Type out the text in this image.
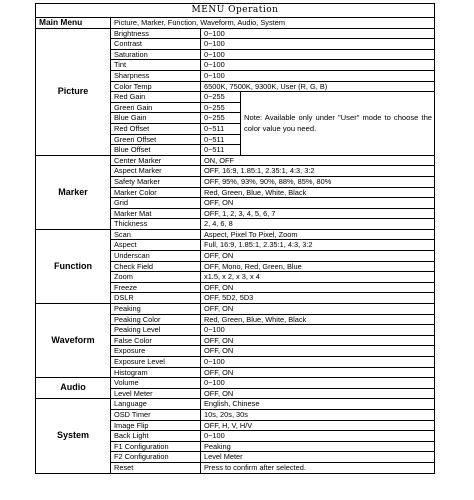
MENU Operation			
Main Menu	Picture, Marker, Function, Waveform, Audio, System		
Picture	Brightness	0~100	
	Contrast	0~100	
	Saturation	0~100	
	Tint	0~100	
	Sharpness	0~100	
	Color Temp	6500K, 7500K, 9300K, User (R, G, B)	
	Red Gain	0~255	Note: Available only under "User" mode to choose the color value you need.
	Green Gain	0~255	
	Blue Gain	0~255	
	Red Offset	0~511	
	Green Offset	0~511	
	Blue Offset	0~511	
Marker	Center Marker	ON, OFF	
	Aspect Marker	OFF, 16:9, 1.85:1, 2.35:1, 4:3, 3:2	
	Safety Marker	OFF, 95%, 93%, 90%, 88%, 85%, 80%	
	Marker Color	Red, Green, Blue, White, Black	
	Grid	OFF, ON	
	Marker Mat	OFF, 1, 2, 3, 4, 5, 6, 7	
	Thickness	2, 4, 6, 8	
Function	Scan	Aspect, Pixel To Pixel, Zoom	
	Aspect	Full, 16:9, 1.85:1, 2.35:1, 4:3, 3:2	
	Underscan	OFF, ON	
	Check Field	OFF, Mono, Red, Green, Blue	
	Zoom	x1.5, x 2, x 3, x 4	
	Freeze	OFF, ON	
	DSLR	OFF, 5D2, 5D3	
Waveform	Peaking	OFF, ON	
	Peaking Color	Red, Green, Blue, White, Black	
	Peaking Level	0~100	
	False Color	OFF, ON	
	Exposure	OFF, ON	
	Exposure Level	0~100	
	Histogram	OFF, ON	
Audio	Volume	0~100	
	Level Meter	OFF, ON	
System	Language	English, Chinese	
	OSD Timer	10s, 20s, 30s	
	Image Flip	OFF, H, V, H/V	
	Back Light	0~100	
	F1 Configuration	Peaking	
	F2 Configuration	Level Meter	
	Reset	Press to confirm after selected.	
